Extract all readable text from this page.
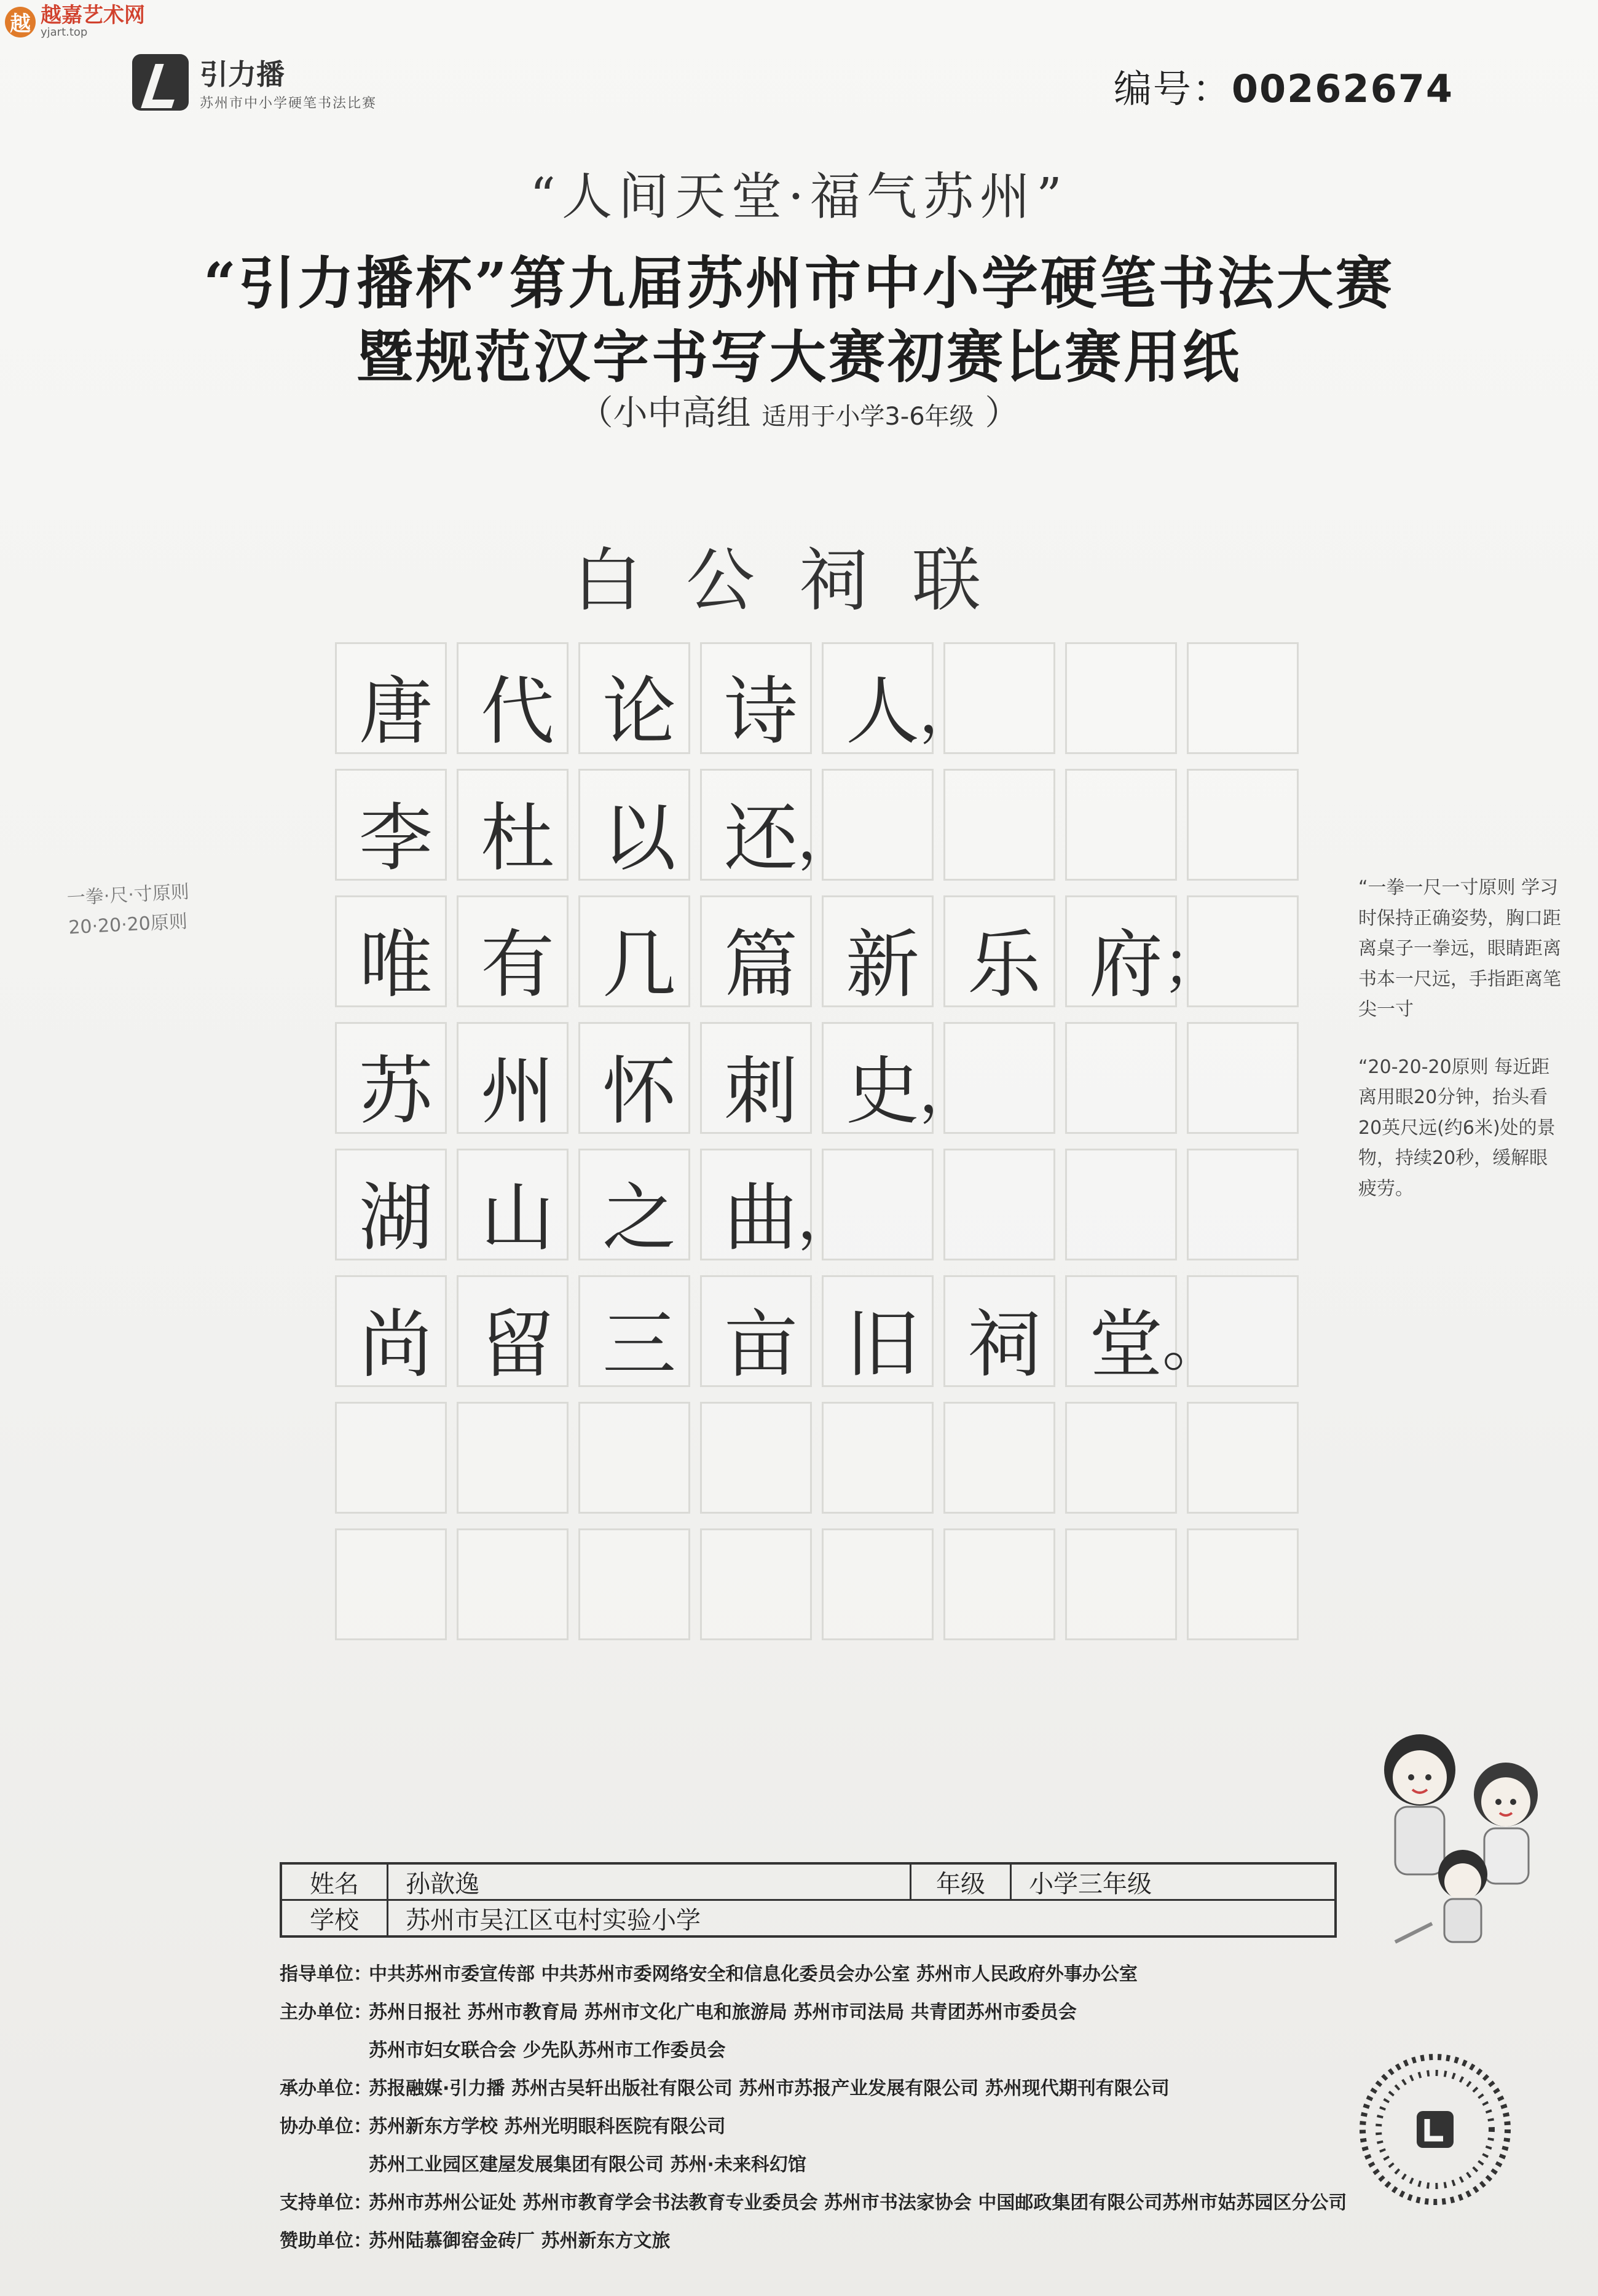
越 越嘉艺术网
yjart.top
引力播
苏州市中小学硬笔书法比赛	编号：00262674
“人间天堂·福气苏州”
“引力播杯”第九届苏州市中小学硬笔书法大赛
暨规范汉字书写大赛初赛比赛用纸
（小中高组 适用于小学3-6年级 ）
白公祠联
唐 代 论 诗 人 ，
李 杜 以 还 ，
唯 有 几 篇 新 乐 府 ；
苏 州 怀 刺 史 ，
湖 山 之 曲 ，
尚 留 三 亩 旧 祠 堂 。
一拳·尺·寸原则
20·20·20原则

“一拳一尺一寸原则 学习时保持正确姿势，胸口距离桌子一拳远，眼睛距离书本一尺远，手指距离笔尖一寸

“20-20-20原则 每近距离用眼20分钟，抬头看20英尺远(约6米)处的景物，持续20秒，缓解眼疲劳。

姓名	孙歆逸	年级	小学三年级
学校	苏州市吴江区屯村实验小学
指导单位：
中共苏州市委宣传部 中共苏州市委网络安全和信息化委员会办公室 苏州市人民政府外事办公室
主办单位：
苏州日报社 苏州市教育局 苏州市文化广电和旅游局 苏州市司法局 共青团苏州市委员会
苏州市妇女联合会 少先队苏州市工作委员会
承办单位：
苏报融媒·引力播 苏州古吴轩出版社有限公司 苏州市苏报产业发展有限公司 苏州现代期刊有限公司
协办单位：
苏州新东方学校 苏州光明眼科医院有限公司
苏州工业园区建屋发展集团有限公司 苏州·未来科幻馆
支持单位：
苏州市苏州公证处 苏州市教育学会书法教育专业委员会 苏州市书法家协会 中国邮政集团有限公司苏州市姑苏园区分公司
赞助单位：
苏州陆慕御窑金砖厂 苏州新东方文旅
